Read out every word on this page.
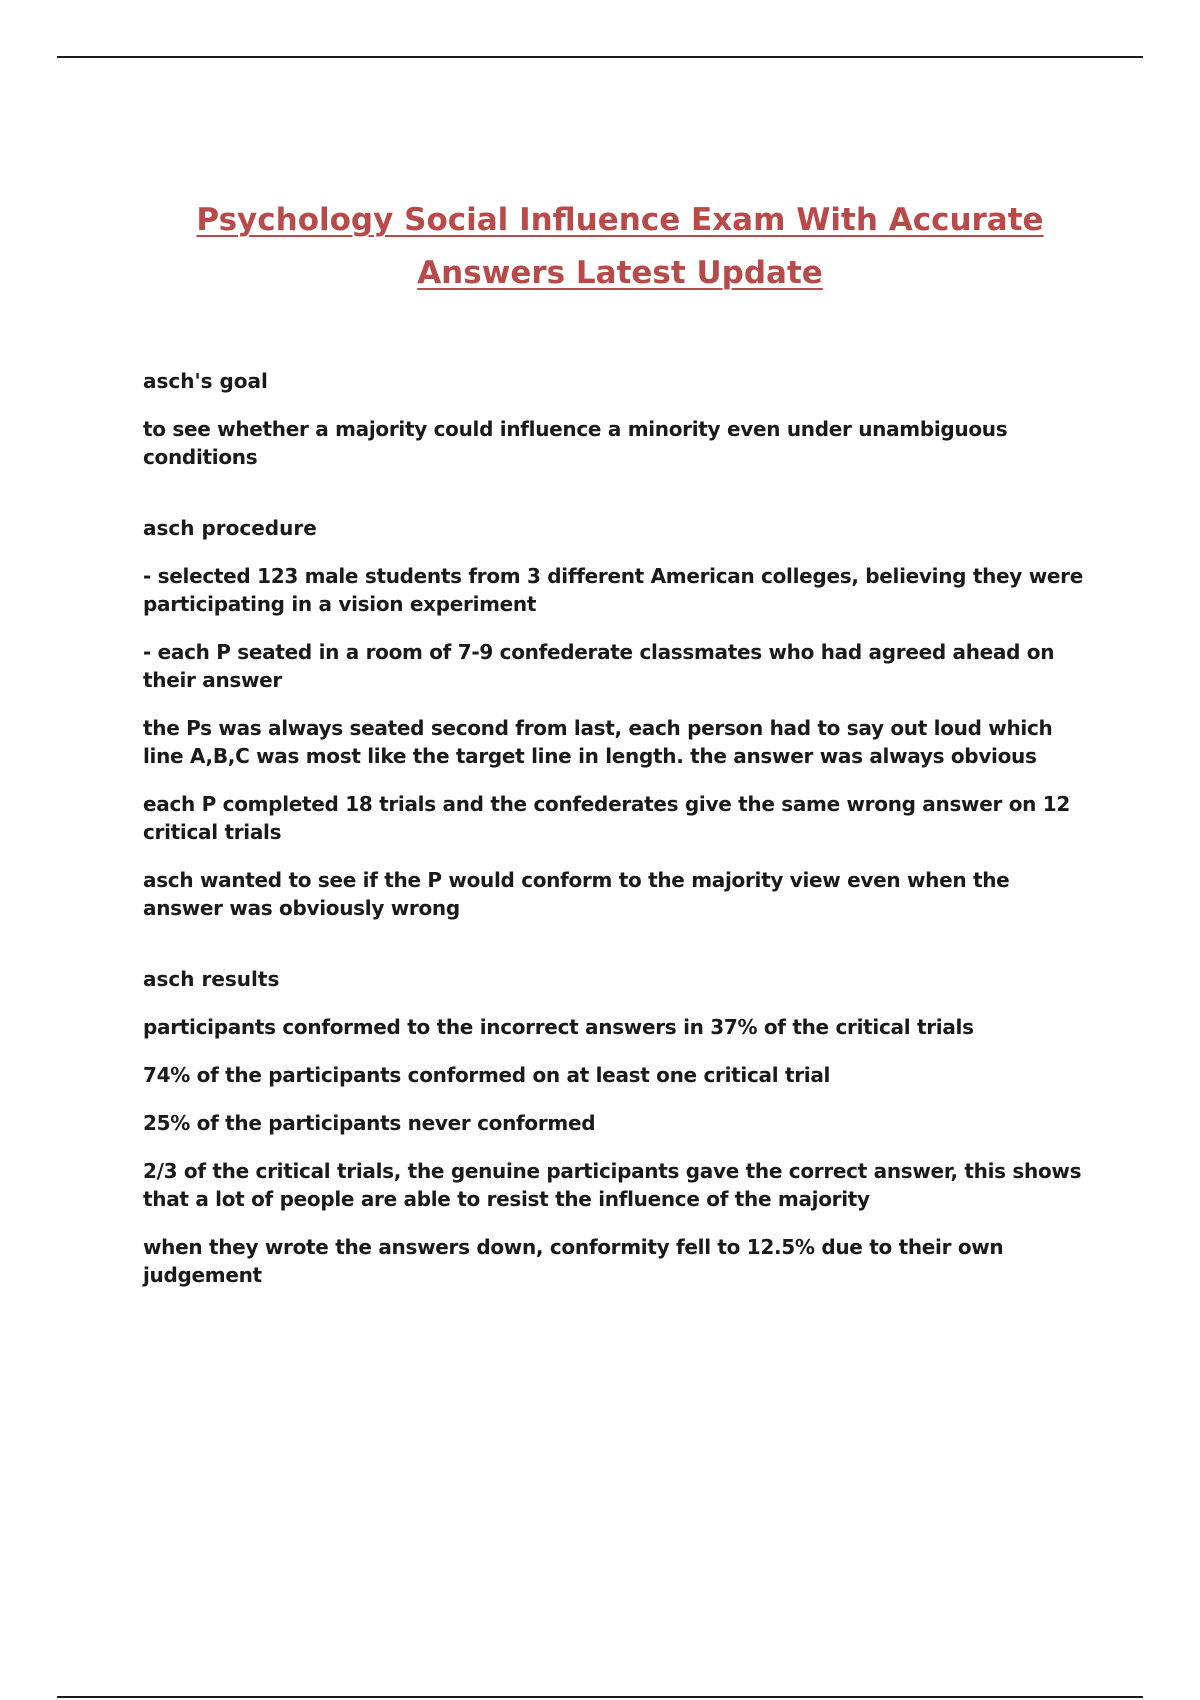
Psychology Social Influence Exam With Accurate Answers Latest Update

asch's goal

to see whether a majority could influence a minority even under unambiguous conditions

asch procedure

- selected 123 male students from 3 different American colleges, believing they were participating in a vision experiment

- each P seated in a room of 7-9 confederate classmates who had agreed ahead on their answer

the Ps was always seated second from last, each person had to say out loud which line A,B,C was most like the target line in length. the answer was always obvious

each P completed 18 trials and the confederates give the same wrong answer on 12 critical trials

asch wanted to see if the P would conform to the majority view even when the answer was obviously wrong

asch results

participants conformed to the incorrect answers in 37% of the critical trials

74% of the participants conformed on at least one critical trial

25% of the participants never conformed

2/3 of the critical trials, the genuine participants gave the correct answer, this shows that a lot of people are able to resist the influence of the majority

when they wrote the answers down, conformity fell to 12.5% due to their own judgement
